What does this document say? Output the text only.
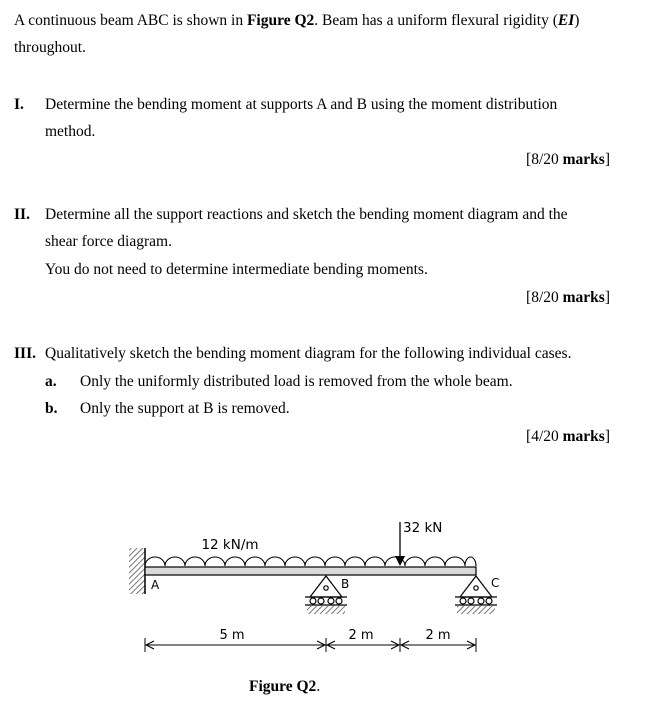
A continuous beam ABC is shown in Figure Q2. Beam has a uniform flexural rigidity (EI)
throughout.
I. Determine the bending moment at supports A and B using the moment distribution
method.
[8/20 marks]
II. Determine all the support reactions and sketch the bending moment diagram and the
shear force diagram.
You do not need to determine intermediate bending moments.
[8/20 marks]
III. Qualitatively sketch the bending moment diagram for the following individual cases.
a. Only the uniformly distributed load is removed from the whole beam.
b. Only the support at B is removed.
[4/20 marks]
12 kN/m
32 kN
A	B	C
5 m	2 m	2 m
Figure Q2.
